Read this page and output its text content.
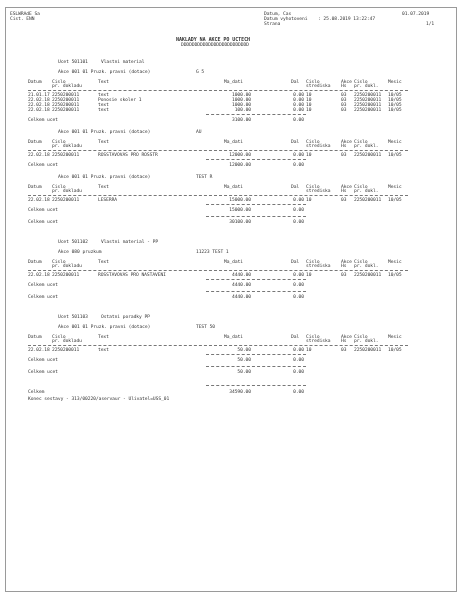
ESLWRAdE Sa
Cist. ENN
Datum, Cas
Datum vyhotoveni
Strana
01.07.2019
: 25.08.2019 13:22:47
1/1
NAKLADY NA AKCE PO UCTECH
DDDDDDDDDDDDDDDDDDDDDDDDD
Ucet 501101	Vlastni material
Akce 001 01 Pruzk. pravni (dotace)	G 5
Datum Cislo
pr. dokladu
Text	Ma_dati	Dal Cislo
strediska
Akce
Hs
Cislo
pr. dokl.
Mesic
21.01.17 2250200011	text	1000.00	0.00 10	03 2250200011 10/05
22.02.18 2250200011	Ponosie skoler 1	1000.00	0.00 10	03 2250200011 10/05
22.02.18 2250200011	text	1000.00	0.00 10	03 2250200011 10/05
22.02.18 2250200011	text	100.00	0.00 10	03 2250200011 10/05
Celkem ucet	3100.00	0.00
Akce 001 01 Pruzk. pravni (dotace)	AU
Datum Cislo
pr. dokladu
Text	Ma_dati	Dal Cislo
strediska
Akce
Hs
Cislo
pr. dokl.
Mesic
22.02.18 2250200011	ROSSTAVOVAS PRO ROSSTR	12000.00	0.00 10	03 2250200011 10/05
Celkem ucet	12000.00	0.00
Akce 001 01 Pruzk. pravni (dotace)	TEST R
Datum Cislo
pr. dokladu
Text	Ma_dati	Dal Cislo
strediska
Akce
Hs
Cislo
pr. dokl.
Mesic
22.02.18 2250200011	LESERRA	15000.00	0.00 10	03 2250200011 10/05
Celkem ucet	15000.00	0.00
Celkem ucet	30100.00	0.00
Ucet 501102	Vlastni material - PP
Akce 080 pruzkum	11223 TEST 1
Datum Cislo
pr. dokladu
Text	Ma_dati	Dal Cislo
strediska
Akce
Hs
Cislo
pr. dokl.
Mesic
22.02.18 2250200011	ROSSTAVOVAS PRO NASTAVENI	4440.00	0.00 10	03 2250200011 10/05
Celkem ucet	4440.00	0.00
Celkem ucet	4440.00	0.00
Ucet 501103	Ostatni poradky PP
Akce 001 01 Pruzk. pravni (dotace)	TEST 50
Datum Cislo
pr. dokladu
Text	Ma_dati	Dal Cislo
strediska
Akce
Hs
Cislo
pr. dokl.
Mesic
22.02.18 2250200011	text	50.00	0.00 10	03 2250200011 10/05
Celkem ucet	50.00	0.00
Celkem ucet	50.00	0.00
Celkem	34590.00	0.00
Konec sestavy - 313/00220/aservaur - Ulivatel=USS_01
